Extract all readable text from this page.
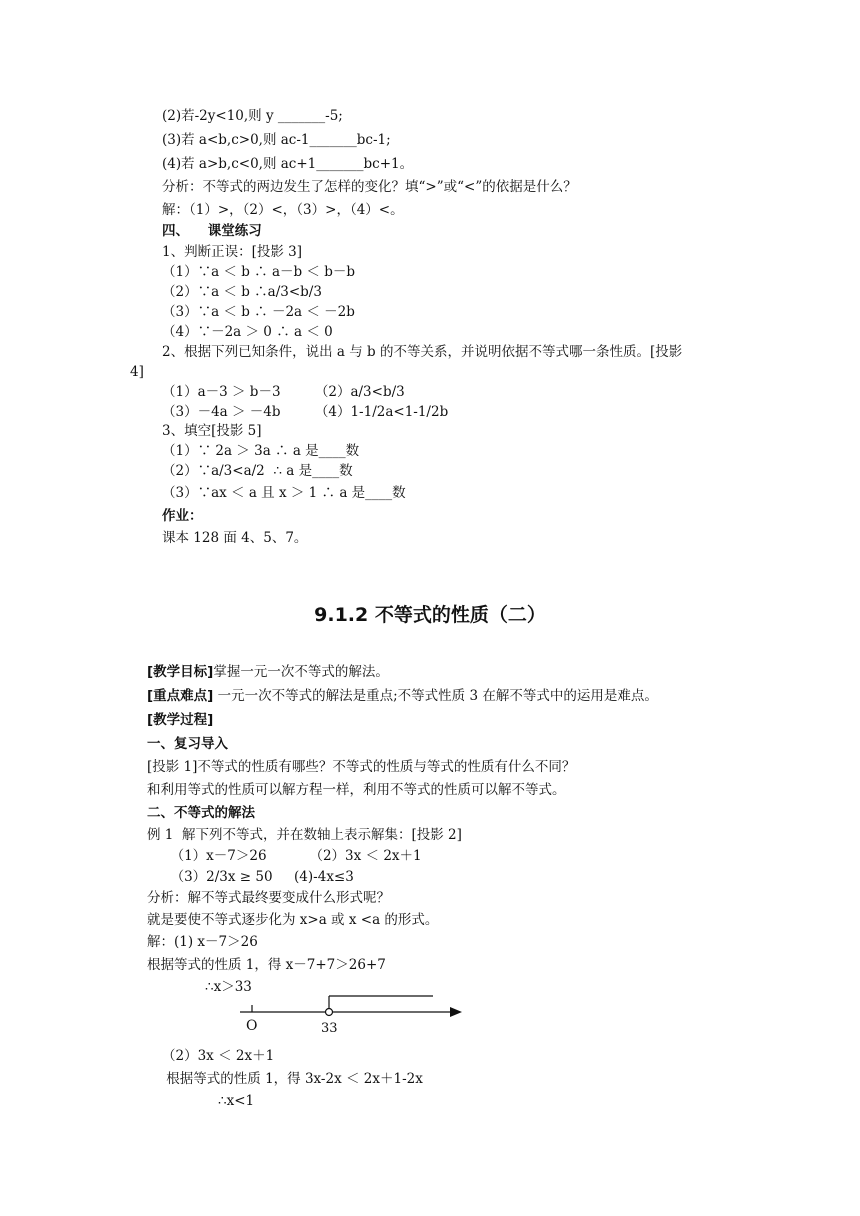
(2)若-2y<10,则 y _______-5;
(3)若 a<b,c>0,则 ac-1_______bc-1;
(4)若 a>b,c<0,则 ac+1_______bc+1。
分析：不等式的两边发生了怎样的变化？填“>”或“<”的依据是什么？
解：（1）>，（2）<，（3）>，（4）<。
四、    课堂练习
1、判断正误：[投影 3]
（1）∵a ＜ b ∴ a－b ＜ b－b
（2）∵a ＜ b ∴a/3<b/3
（3）∵a ＜ b ∴ －2a ＜ －2b
（4）∵－2a ＞ 0 ∴ a ＜ 0
2、根据下列已知条件，说出 a 与 b 的不等关系，并说明依据不等式哪一条性质。[投影
4]
（1）a－3 ＞ b－3        （2）a/3<b/3
（3）－4a ＞ －4b        （4）1-1/2a<1-1/2b
3、填空[投影 5]
（1）∵ 2a ＞ 3a ∴ a 是____数
（2）∵a/3<a/2  ∴ a 是____数
（3）∵ax ＜ a 且 x ＞ 1 ∴ a 是____数
作业：
课本 128 面 4、5、7。
9.1.2 不等式的性质（二）
[教学目标]掌握一元一次不等式的解法。
[重点难点] 一元一次不等式的解法是重点;不等式性质 3 在解不等式中的运用是难点。
[教学过程]
一、复习导入
[投影 1]不等式的性质有哪些？不等式的性质与等式的性质有什么不同？
和利用等式的性质可以解方程一样，利用不等式的性质可以解不等式。
二、不等式的解法
例 1  解下列不等式，并在数轴上表示解集：[投影 2]
（1）x－7＞26          （2）3x ＜ 2x＋1
（3）2/3x ≥ 50     (4)-4x≤3
分析：解不等式最终要变成什么形式呢？
就是要使不等式逐步化为 x>a 或 x <a 的形式。
解：(1) x－7＞26
根据等式的性质 1，得 x－7+7＞26+7
∴x＞33
O	33
（2）3x ＜ 2x＋1
根据等式的性质 1，得 3x-2x ＜ 2x＋1-2x
∴x<1
